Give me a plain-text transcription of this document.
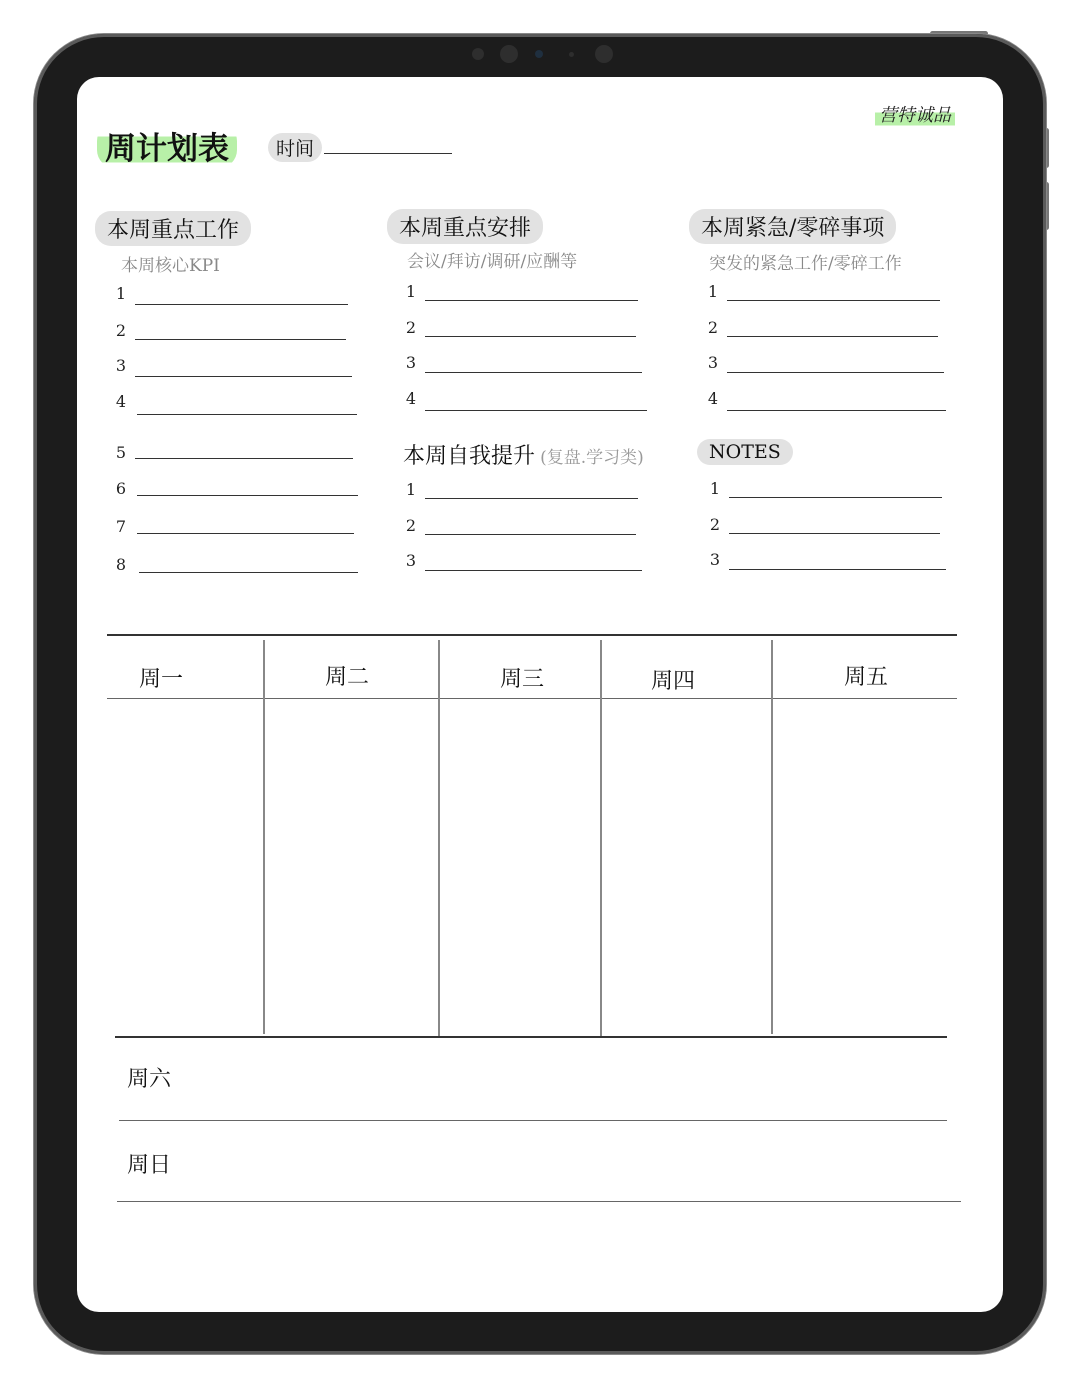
周计划表	时间
营特诚品
本周重点工作
本周核心KPI
1
2
3
4
5
6
7
8
本周重点安排
会议/拜访/调研/应酬等
1
2
3
4
本周紧急/零碎事项
突发的紧急工作/零碎工作
1
2
3
4
本周自我提升 (复盘.学习类)
1
2
3
NOTES
1
2
3
周一	周二	周三	周四	周五
周六
周日
